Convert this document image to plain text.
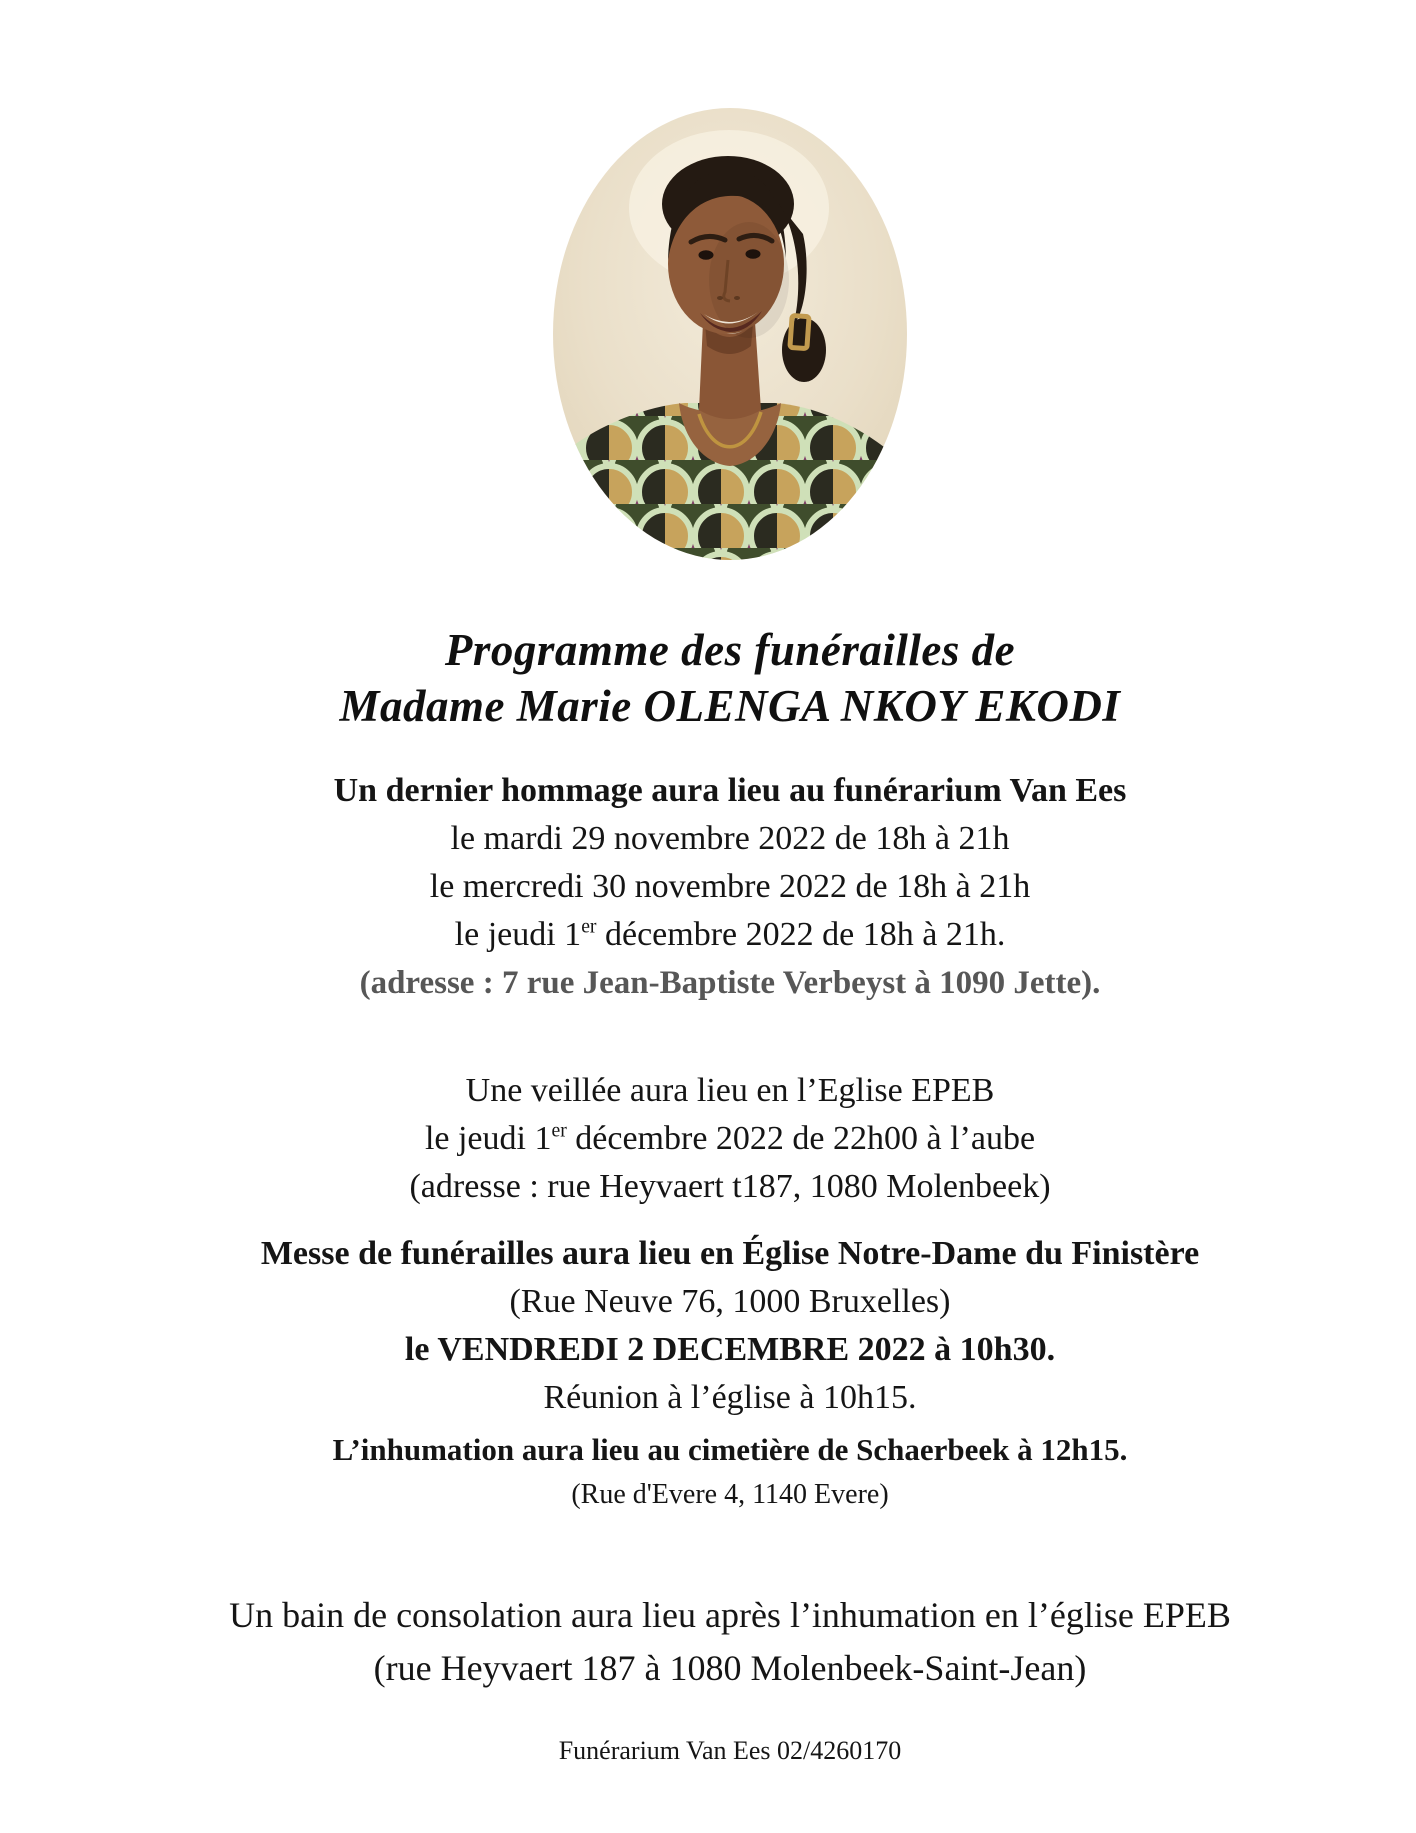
Programme des funérailles de
Madame Marie OLENGA NKOY EKODI

Un dernier hommage aura lieu au funérarium Van Ees

le mardi 29 novembre 2022 de 18h à 21h

le mercredi 30 novembre 2022 de 18h à 21h

le jeudi 1er décembre 2022 de 18h à 21h.

(adresse : 7 rue Jean-Baptiste Verbeyst à 1090 Jette).

Une veillée aura lieu en l’Eglise EPEB

le jeudi 1er décembre 2022 de 22h00 à l’aube

(adresse : rue Heyvaert t187, 1080 Molenbeek)

Messe de funérailles aura lieu en Église Notre-Dame du Finistère

(Rue Neuve 76, 1000 Bruxelles)

le VENDREDI 2 DECEMBRE 2022 à 10h30.

Réunion à l’église à 10h15.

L’inhumation aura lieu au cimetière de Schaerbeek à 12h15.

(Rue d'Evere 4, 1140 Evere)

Un bain de consolation aura lieu après l’inhumation en l’église EPEB

(rue Heyvaert 187 à 1080 Molenbeek-Saint-Jean)

Funérarium Van Ees 02/4260170
